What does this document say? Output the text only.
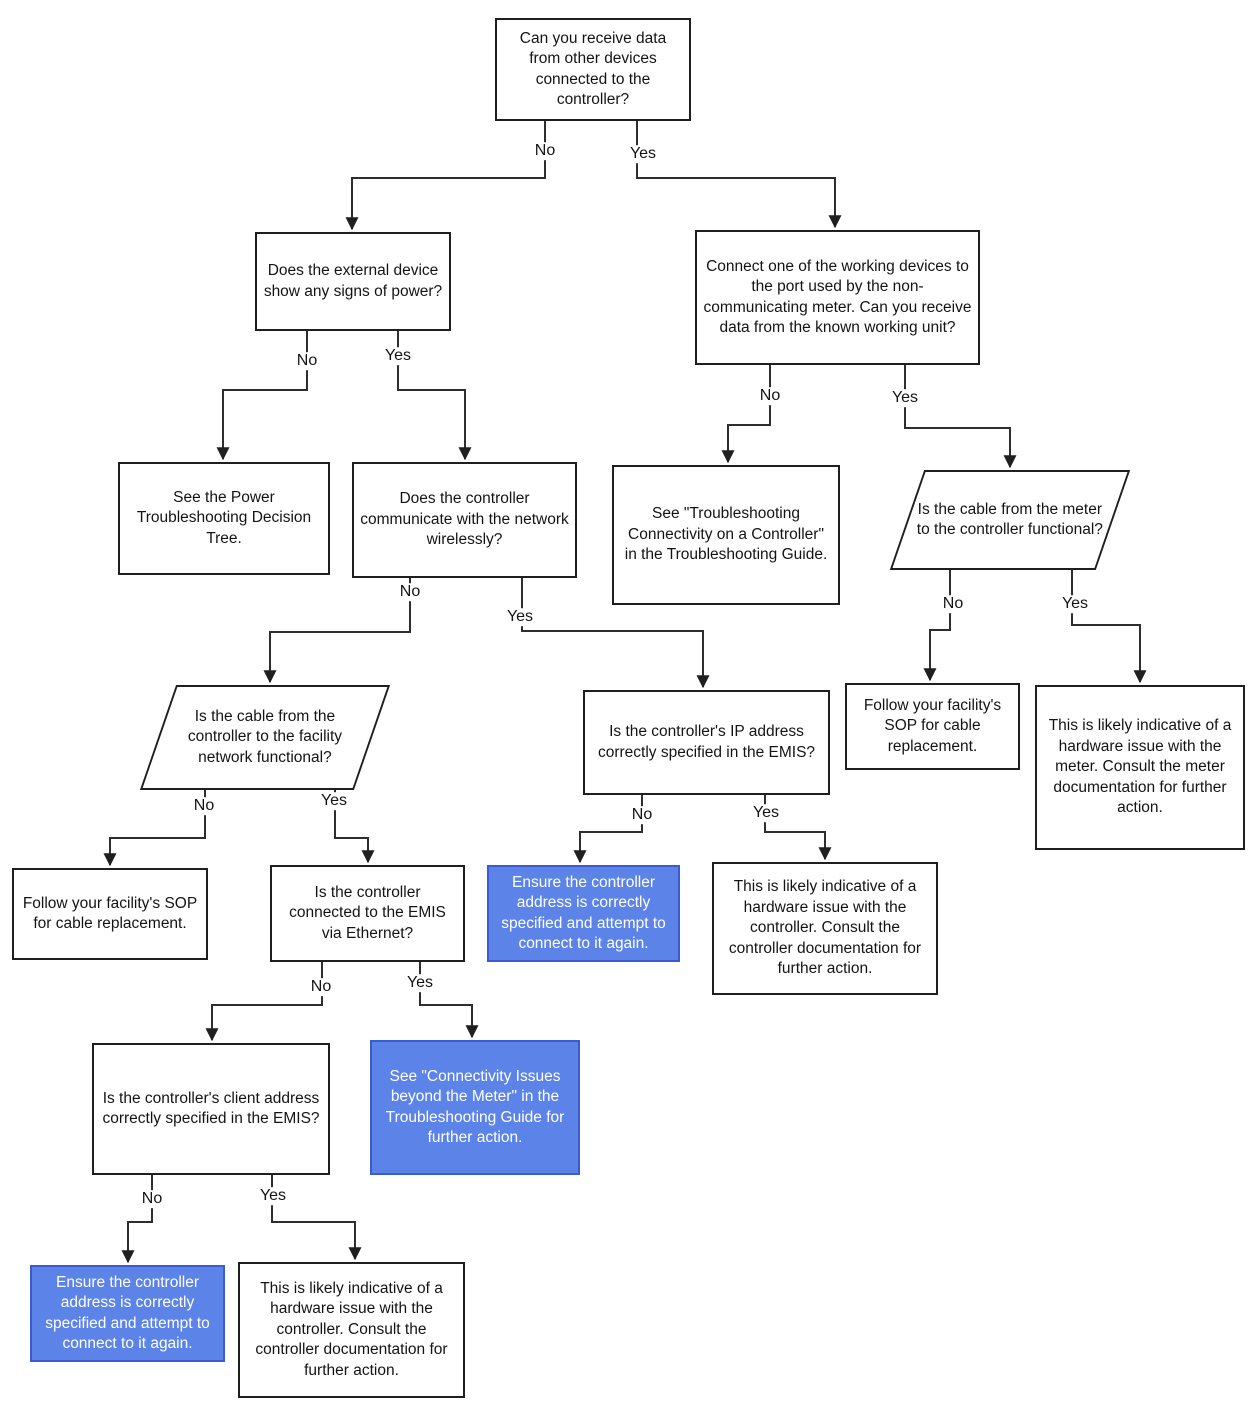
No	Yes
No	Yes
No	Yes
No
Yes
No	Yes
No	Yes
No	Yes
No	Yes
No	Yes
Can you receive data from other devices connected to the controller?
Does the external device show any signs of power?
Connect one of the working devices to the port used by the non-communicating meter. Can you receive data from the known working unit?
See the Power Troubleshooting Decision Tree.
Does the controller communicate with the network wirelessly?
See "Troubleshooting Connectivity on a Controller" in the Troubleshooting Guide.
Is the cable from the meter to the controller functional?
Is the cable from the controller to the facility network functional?
Is the controller's IP address correctly specified in the EMIS?
Follow your facility's SOP for cable replacement.
This is likely indicative of a hardware issue with the meter. Consult the meter documentation for further action.
Follow your facility's SOP for cable replacement.
Is the controller connected to the EMIS via Ethernet?
Ensure the controller address is correctly specified and attempt to connect to it again.
This is likely indicative of a hardware issue with the controller. Consult the controller documentation for further action.
Is the controller's client address correctly specified in the EMIS?
See "Connectivity Issues beyond the Meter" in the Troubleshooting Guide for further action.
Ensure the controller address is correctly specified and attempt to connect to it again.
This is likely indicative of a hardware issue with the controller. Consult the controller documentation for further action.
